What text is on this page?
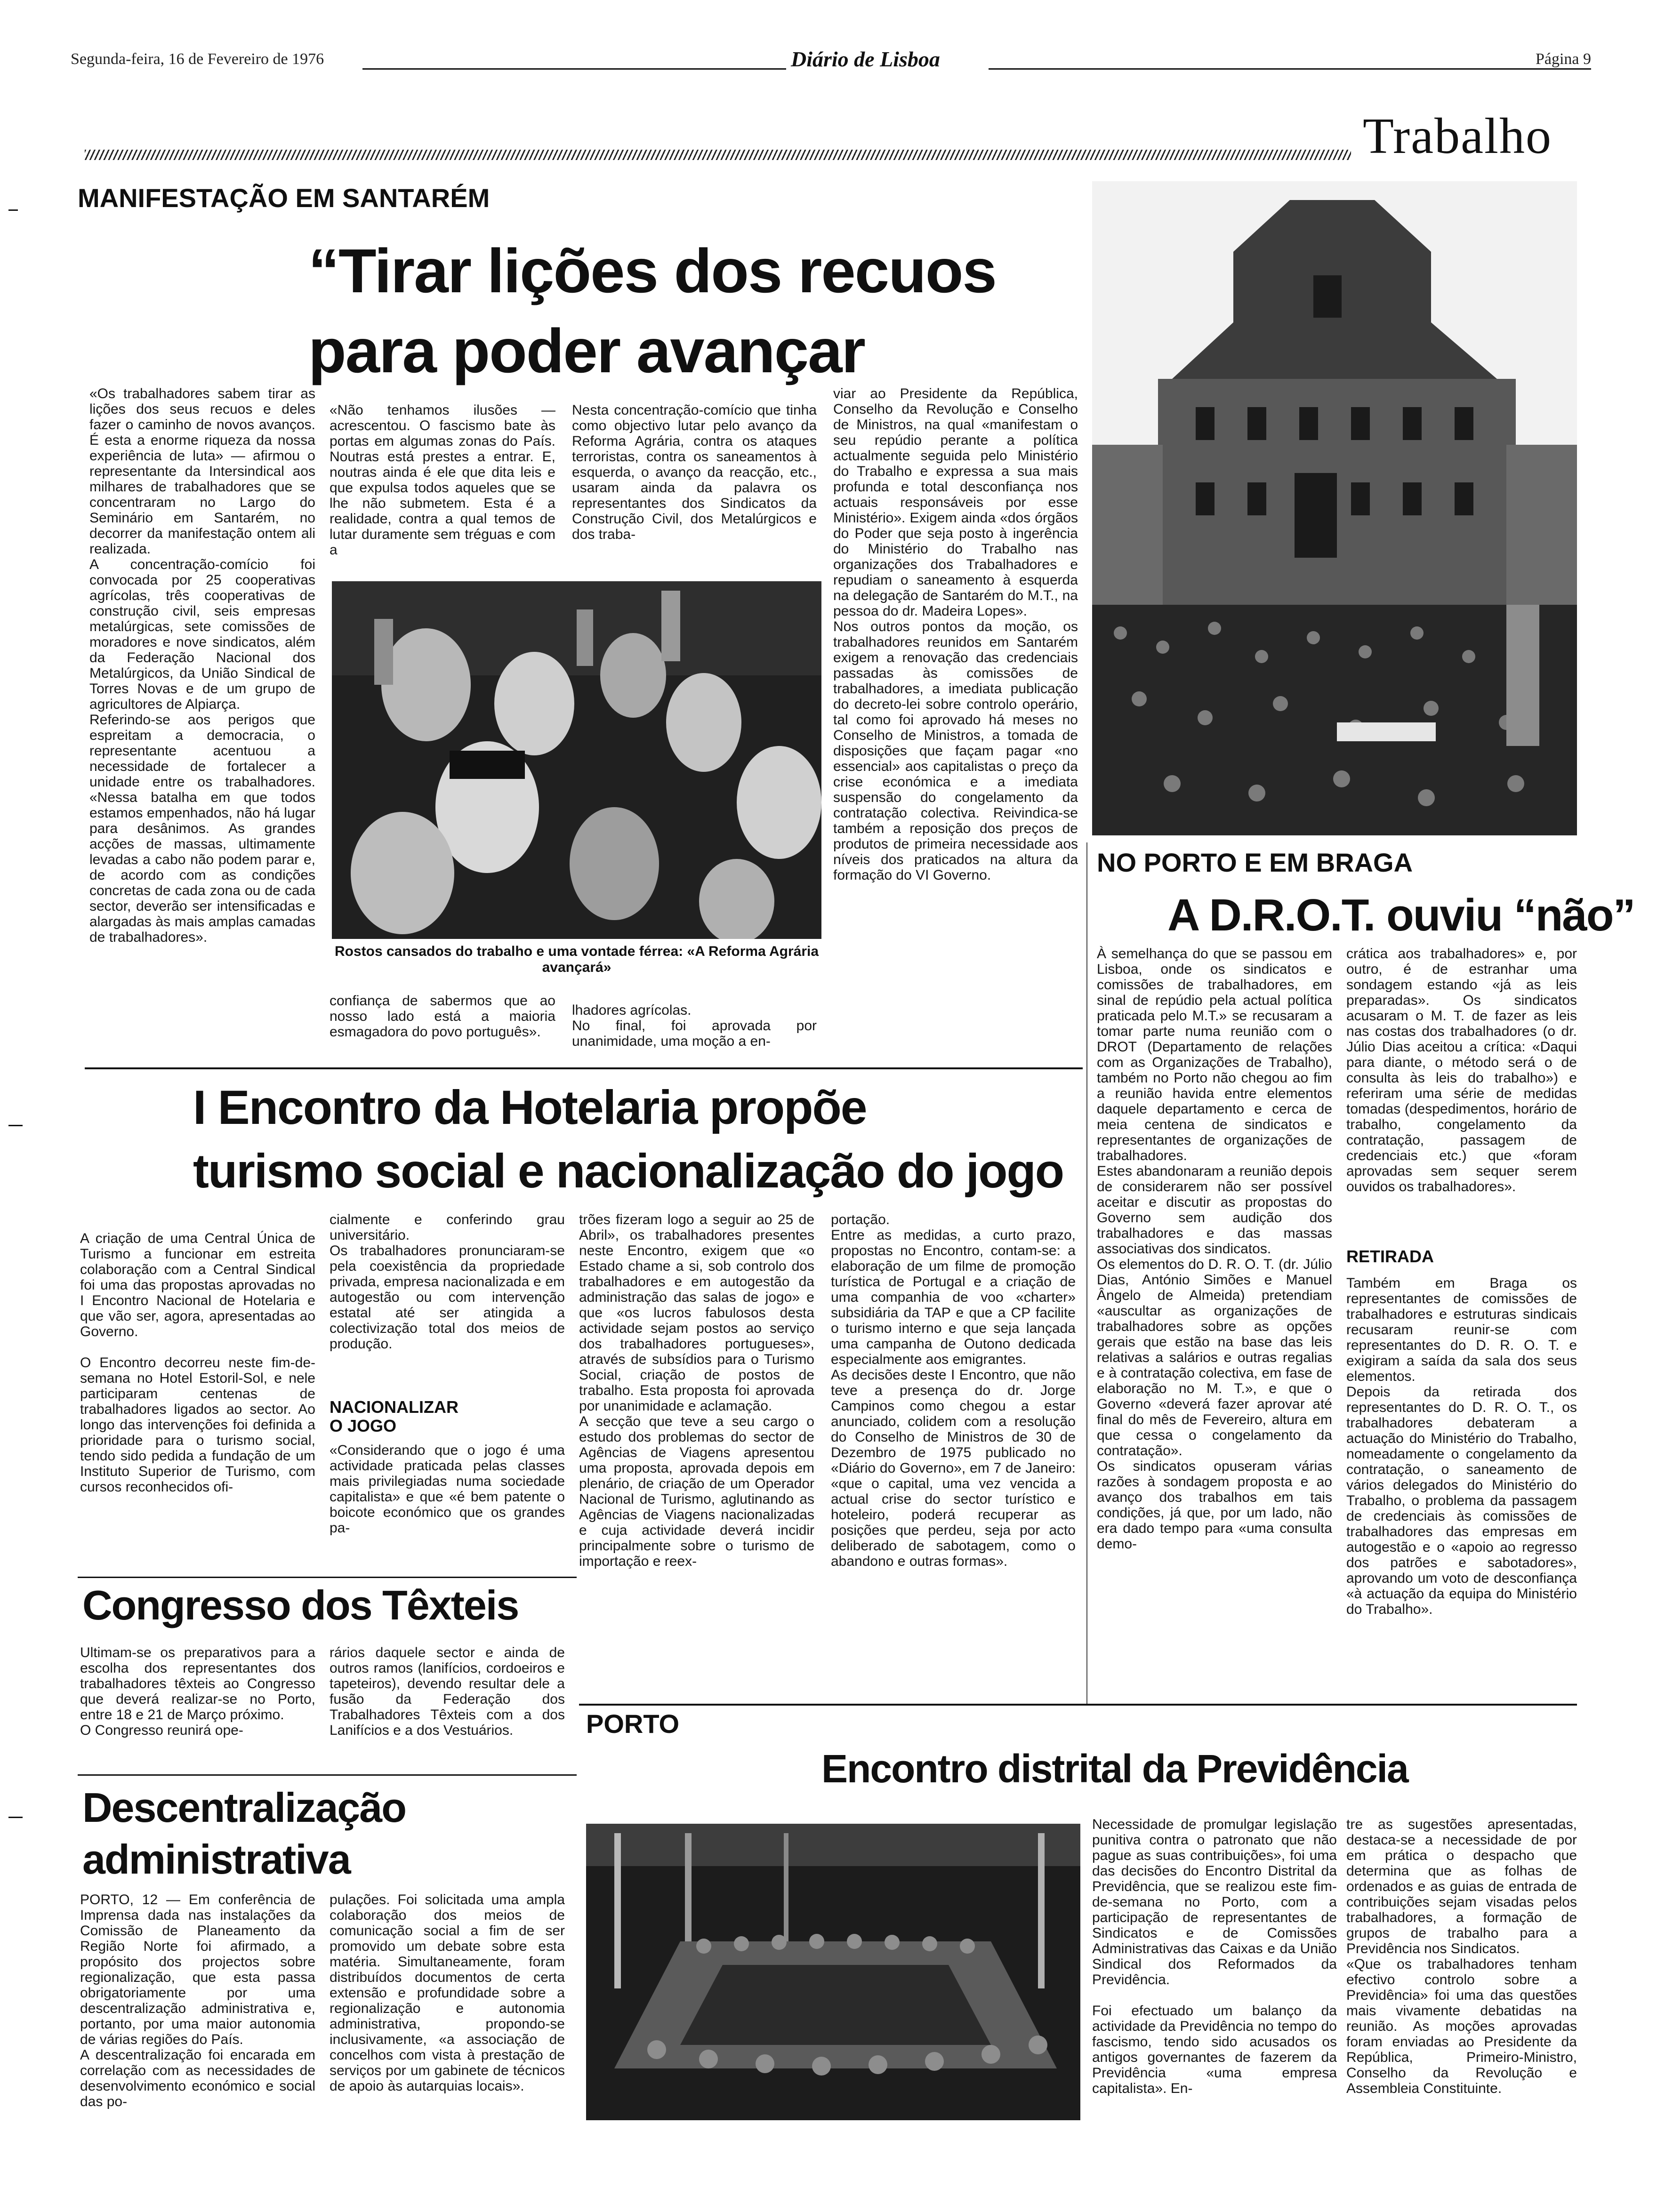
Segunda-feira, 16 de Fevereiro de 1976	Diário de Lisboa	Página 9
Trabalho
MANIFESTAÇÃO EM SANTARÉM
“Tirar lições dos recuos
para poder avançar
«Os trabalhadores sabem tirar as lições dos seus recuos e deles fazer o caminho de novos avanços. É esta a enorme riqueza da nossa experiência de luta» — afirmou o representante da Intersindical aos milhares de trabalhadores que se concentraram no Largo do Seminário em Santarém, no decorrer da manifestação ontem ali realizada.
A concentração-comício foi convocada por 25 cooperativas agrícolas, três cooperativas de construção civil, seis empresas metalúrgicas, sete comissões de moradores e nove sindicatos, além da Federação Nacional dos Metalúrgicos, da União Sindical de Torres Novas e de um grupo de agricultores de Alpiarça.
Referindo-se aos perigos que espreitam a democracia, o representante acentuou a necessidade de fortalecer a unidade entre os trabalhadores. «Nessa batalha em que todos estamos empenhados, não há lugar para desânimos. As grandes acções de massas, ultimamente levadas a cabo não podem parar e, de acordo com as condições concretas de cada zona ou de cada sector, deverão ser intensificadas e alargadas às mais amplas camadas de trabalhadores».
«Não tenhamos ilusões — acrescentou. O fascismo bate às portas em algumas zonas do País. Noutras está prestes a entrar. E, noutras ainda é ele que dita leis e que expulsa todos aqueles que se lhe não submetem. Esta é a realidade, contra a qual temos de lutar duramente sem tréguas e com a
Nesta concentração-comício que tinha como objectivo lutar pelo avanço da Reforma Agrária, contra os ataques terroristas, contra os saneamentos à esquerda, o avanço da reacção, etc., usaram ainda da palavra os representantes dos Sindicatos da Construção Civil, dos Metalúrgicos e dos traba-
viar ao Presidente da República, Conselho da Revolução e Conselho de Ministros, na qual «manifestam o seu repúdio perante a política actualmente seguida pelo Ministério do Trabalho e expressa a sua mais profunda e total desconfiança nos actuais responsáveis por esse Ministério». Exigem ainda «dos órgãos do Poder que seja posto à ingerência do Ministério do Trabalho nas organizações dos Trabalhadores e repudiam o saneamento à esquerda na delegação de Santarém do M.T., na pessoa do dr. Madeira Lopes».
Nos outros pontos da moção, os trabalhadores reunidos em Santarém exigem a renovação das credenciais passadas às comissões de trabalhadores, a imediata publicação do decreto-lei sobre controlo operário, tal como foi aprovado há meses no Conselho de Ministros, a tomada de disposições que façam pagar «no essencial» aos capitalistas o preço da crise económica e a imediata suspensão do congelamento da contratação colectiva. Reivindica-se também a reposição dos preços de produtos de primeira necessidade aos níveis dos praticados na altura da formação do VI Governo.
Rostos cansados do trabalho e uma vontade férrea: «A Reforma Agrária avançará»
confiança de sabermos que ao nosso lado está a maioria esmagadora do povo português».
lhadores agrícolas.
No final, foi aprovada por unanimidade, uma moção a en-
NO PORTO E EM BRAGA
A D.R.O.T. ouviu “não”
À semelhança do que se passou em Lisboa, onde os sindicatos e comissões de trabalhadores, em sinal de repúdio pela actual política praticada pelo M.T.» se recusaram a tomar parte numa reunião com o DROT (Departamento de relações com as Organizações de Trabalho), também no Porto não chegou ao fim a reunião havida entre elementos daquele departamento e cerca de meia centena de sindicatos e representantes de organizações de trabalhadores.
Estes abandonaram a reunião depois de considerarem não ser possível aceitar e discutir as propostas do Governo sem audição dos trabalhadores e das massas associativas dos sindicatos.
Os elementos do D. R. O. T. (dr. Júlio Dias, António Simões e Manuel Ângelo de Almeida) pretendiam «auscultar as organizações de trabalhadores sobre as opções gerais que estão na base das leis relativas a salários e outras regalias e à contratação colectiva, em fase de elaboração no M. T.», e que o Governo «deverá fazer aprovar até final do mês de Fevereiro, altura em que cessa o congelamento da contratação».
Os sindicatos opuseram várias razões à sondagem proposta e ao avanço dos trabalhos em tais condições, já que, por um lado, não era dado tempo para «uma consulta demo-
crática aos trabalhadores» e, por outro, é de estranhar uma sondagem estando «já as leis preparadas». Os sindicatos acusaram o M. T. de fazer as leis nas costas dos trabalhadores (o dr. Júlio Dias aceitou a crítica: «Daqui para diante, o método será o de consulta às leis do trabalho») e referiram uma série de medidas tomadas (despedimentos, horário de trabalho, congelamento da contratação, passagem de credenciais etc.) que «foram aprovadas sem sequer serem ouvidos os trabalhadores».
RETIRADA
Também em Braga os representantes de comissões de trabalhadores e estruturas sindicais recusaram reunir-se com representantes do D. R. O. T. e exigiram a saída da sala dos seus elementos.
Depois da retirada dos representantes do D. R. O. T., os trabalhadores debateram a actuação do Ministério do Trabalho, nomeadamente o congelamento da contratação, o saneamento de vários delegados do Ministério do Trabalho, o problema da passagem de credenciais às comissões de trabalhadores das empresas em autogestão e o «apoio ao regresso dos patrões e sabotadores», aprovando um voto de desconfiança «à actuação da equipa do Ministério do Trabalho».
I Encontro da Hotelaria propõe
turismo social e nacionalização do jogo
A criação de uma Central Única de Turismo a funcionar em estreita colaboração com a Central Sindical foi uma das propostas aprovadas no I Encontro Nacional de Hotelaria e que vão ser, agora, apresentadas ao Governo.

O Encontro decorreu neste fim-de-semana no Hotel Estoril-Sol, e nele participaram centenas de trabalhadores ligados ao sector. Ao longo das intervenções foi definida a prioridade para o turismo social, tendo sido pedida a fundação de um Instituto Superior de Turismo, com cursos reconhecidos ofi-
cialmente e conferindo grau universitário.
Os trabalhadores pronunciaram-se pela coexistência da propriedade privada, empresa nacionalizada e em autogestão ou com intervenção estatal até ser atingida a colectivização total dos meios de produção.
NACIONALIZAR
O JOGO
«Considerando que o jogo é uma actividade praticada pelas classes mais privilegiadas numa sociedade capitalista» e que «é bem patente o boicote económico que os grandes pa-
trões fizeram logo a seguir ao 25 de Abril», os trabalhadores presentes neste Encontro, exigem que «o Estado chame a si, sob controlo dos trabalhadores e em autogestão da administração das salas de jogo» e que «os lucros fabulosos desta actividade sejam postos ao serviço dos trabalhadores portugueses», através de subsídios para o Turismo Social, criação de postos de trabalho. Esta proposta foi aprovada por unanimidade e aclamação.
A secção que teve a seu cargo o estudo dos problemas do sector de Agências de Viagens apresentou uma proposta, aprovada depois em plenário, de criação de um Operador Nacional de Turismo, aglutinando as Agências de Viagens nacionalizadas e cuja actividade deverá incidir principalmente sobre o turismo de importação e reex-
portação.
Entre as medidas, a curto prazo, propostas no Encontro, contam-se: a elaboração de um filme de promoção turística de Portugal e a criação de uma companhia de voo «charter» subsidiária da TAP e que a CP facilite o turismo interno e que seja lançada uma campanha de Outono dedicada especialmente aos emigrantes.
As decisões deste I Encontro, que não teve a presença do dr. Jorge Campinos como chegou a estar anunciado, colidem com a resolução do Conselho de Ministros de 30 de Dezembro de 1975 publicado no «Diário do Governo», em 7 de Janeiro: «que o capital, uma vez vencida a actual crise do sector turístico e hoteleiro, poderá recuperar as posições que perdeu, seja por acto deliberado de sabotagem, como o abandono e outras formas».
Congresso dos Têxteis
Ultimam-se os preparativos para a escolha dos representantes dos trabalhadores têxteis ao Congresso que deverá realizar-se no Porto, entre 18 e 21 de Março próximo.
O Congresso reunirá ope-
rários daquele sector e ainda de outros ramos (lanifícios, cordoeiros e tapeteiros), devendo resultar dele a fusão da Federação dos Trabalhadores Têxteis com a dos Lanifícios e a dos Vestuários.
Descentralização
administrativa
PORTO, 12 — Em conferência de Imprensa dada nas instalações da Comissão de Planeamento da Região Norte foi afirmado, a propósito dos projectos sobre regionalização, que esta passa obrigatoriamente por uma descentralização administrativa e, portanto, por uma maior autonomia de várias regiões do País.
A descentralização foi encarada em correlação com as necessidades de desenvolvimento económico e social das po-
pulações. Foi solicitada uma ampla colaboração dos meios de comunicação social a fim de ser promovido um debate sobre esta matéria. Simultaneamente, foram distribuídos documentos de certa extensão e profundidade sobre a regionalização e autonomia administrativa, propondo-se inclusivamente, «a associação de concelhos com vista à prestação de serviços por um gabinete de técnicos de apoio às autarquias locais».
PORTO
Encontro distrital da Previdência
Necessidade de promulgar legislação punitiva contra o patronato que não pague as suas contribuições», foi uma das decisões do Encontro Distrital da Previdência, que se realizou este fim-de-semana no Porto, com a participação de representantes de Sindicatos e de Comissões Administrativas das Caixas e da União Sindical dos Reformados da Previdência.

Foi efectuado um balanço da actividade da Previdência no tempo do fascismo, tendo sido acusados os antigos governantes de fazerem da Previdência «uma empresa capitalista». En-
tre as sugestões apresentadas, destaca-se a necessidade de por em prática o despacho que determina que as folhas de ordenados e as guias de entrada de contribuições sejam visadas pelos trabalhadores, a formação de grupos de trabalho para a Previdência nos Sindicatos.
«Que os trabalhadores tenham efectivo controlo sobre a Previdência» foi uma das questões mais vivamente debatidas na reunião. As moções aprovadas foram enviadas ao Presidente da República, Primeiro-Ministro, Conselho da Revolução e Assembleia Constituinte.
